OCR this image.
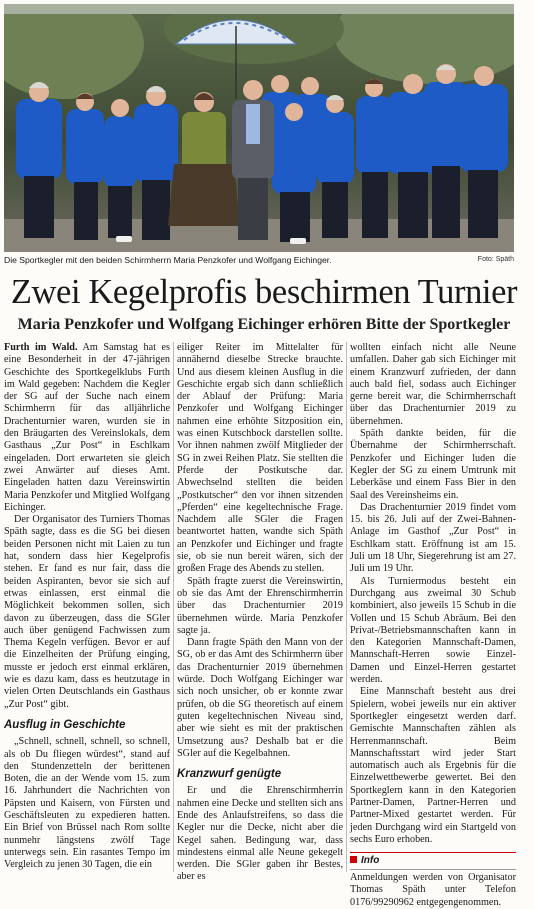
Die Sportkegler mit den beiden Schirmherrn Maria Penzkofer und Wolfgang Eichinger.	Foto: Späth
Zwei Kegelprofis beschirmen Turnier
Maria Penzkofer und Wolfgang Eichinger erhören Bitte der Sportkegler

Furth im Wald. Am Samstag hat es eine Besonderheit in der 47-jährigen Geschichte des Sportkegelklubs Furth im Wald gegeben: Nachdem die Kegler der SG auf der Suche nach einem Schirmherrn für das alljährliche Drachenturnier waren, wurden sie in den Bräugarten des Vereinslokals, dem Gasthaus „Zur Post“ in Eschlkam eingeladen. Dort erwarteten sie gleich zwei Anwärter auf dieses Amt. Eingeladen hatten dazu Vereinswirtin Maria Penzkofer und Mitglied Wolfgang Eichinger.

Der Organisator des Turniers Thomas Späth sagte, dass es die SG bei diesen beiden Personen nicht mit Laien zu tun hat, sondern dass hier Kegelprofis stehen. Er fand es nur fair, dass die beiden Aspiranten, bevor sie sich auf etwas einlassen, erst einmal die Möglichkeit bekommen sollen, sich davon zu überzeugen, dass die SGler auch über genügend Fachwissen zum Thema Kegeln verfügen. Bevor er auf die Einzelheiten der Prüfung einging, musste er jedoch erst einmal erklären, wie es dazu kam, dass es heutzutage in vielen Orten Deutschlands ein Gasthaus „Zur Post“ gibt.

Ausflug in Geschichte

„Schnell, schnell, schnell, so schnell, als ob Du fliegen würdest“, stand auf den Stundenzetteln der berittenen Boten, die an der Wende vom 15. zum 16. Jahrhundert die Nachrichten von Päpsten und Kaisern, von Fürsten und Geschäftsleuten zu expedieren hatten. Ein Brief von Brüssel nach Rom sollte nunmehr längstens zwölf Tage unterwegs sein. Ein rasantes Tempo im Vergleich zu jenen 30 Tagen, die ein

eiliger Reiter im Mittelalter für annähernd dieselbe Strecke brauchte. Und aus diesem kleinen Ausflug in die Geschichte ergab sich dann schließlich der Ablauf der Prüfung: Maria Penzkofer und Wolfgang Eichinger nahmen eine erhöhte Sitzposition ein, was einen Kutschbock darstellen sollte. Vor ihnen nahmen zwölf Mitglieder der SG in zwei Reihen Platz. Sie stellten die Pferde der Postkutsche dar. Abwechselnd stellten die beiden „Postkutscher“ den vor ihnen sitzenden „Pferden“ eine kegeltechnische Frage. Nachdem alle SGler die Fragen beantwortet hatten, wandte sich Späth an Penzkofer und Eichinger und fragte sie, ob sie nun bereit wären, sich der großen Frage des Abends zu stellen.

Späth fragte zuerst die Vereinswirtin, ob sie das Amt der Ehrenschirmherrin über das Drachenturnier 2019 übernehmen würde. Maria Penzkofer sagte ja.

Dann fragte Späth den Mann von der SG, ob er das Amt des Schirmherrn über das Drachenturnier 2019 übernehmen würde. Doch Wolfgang Eichinger war sich noch unsicher, ob er konnte zwar prüfen, ob die SG theoretisch auf einem guten kegeltechnischen Niveau sind, aber wie sieht es mit der praktischen Umsetzung aus? Deshalb bat er die SGler auf die Kegelbahnen.

Kranzwurf genügte

Er und die Ehrenschirmherrin nahmen eine Decke und stellten sich ans Ende des Anlaufstreifens, so dass die Kegler nur die Decke, nicht aber die Kegel sahen. Bedingung war, dass mindestens einmal alle Neune gekegelt werden. Die SGler gaben ihr Bestes, aber es

wollten einfach nicht alle Neune umfallen. Daher gab sich Eichinger mit einem Kranzwurf zufrieden, der dann auch bald fiel, sodass auch Eichinger gerne bereit war, die Schirmherrschaft über das Drachenturnier 2019 zu übernehmen.

Späth dankte beiden, für die Übernahme der Schirmherrschaft. Penzkofer und Eichinger luden die Kegler der SG zu einem Umtrunk mit Leberkäse und einem Fass Bier in den Saal des Vereinsheims ein.

Das Drachenturnier 2019 findet vom 15. bis 26. Juli auf der Zwei-Bahnen-Anlage im Gasthof „Zur Post“ in Eschlkam statt. Eröffnung ist am 15. Juli um 18 Uhr, Siegerehrung ist am 27. Juli um 19 Uhr.

Als Turniermodus besteht ein Durchgang aus zweimal 30 Schub kombiniert, also jeweils 15 Schub in die Vollen und 15 Schub Abräum. Bei den Privat-/Betriebsmannschaften kann in den Kategorien Mannschaft-Damen, Mannschaft-Herren sowie Einzel-Damen und Einzel-Herren gestartet werden.

Eine Mannschaft besteht aus drei Spielern, wobei jeweils nur ein aktiver Sportkegler eingesetzt werden darf. Gemischte Mannschaften zählen als Herrenmannschaft. Beim Mannschaftsstart wird jeder Start automatisch auch als Ergebnis für die Einzelwettbewerbe gewertet. Bei den Sportkeglern kann in den Kategorien Partner-Damen, Partner-Herren und Partner-Mixed gestartet werden. Für jeden Durchgang wird ein Startgeld von sechs Euro erhoben.

Info

Anmeldungen werden von Organisator Thomas Späth unter Telefon 0176/99290962 entgegengenommen.
